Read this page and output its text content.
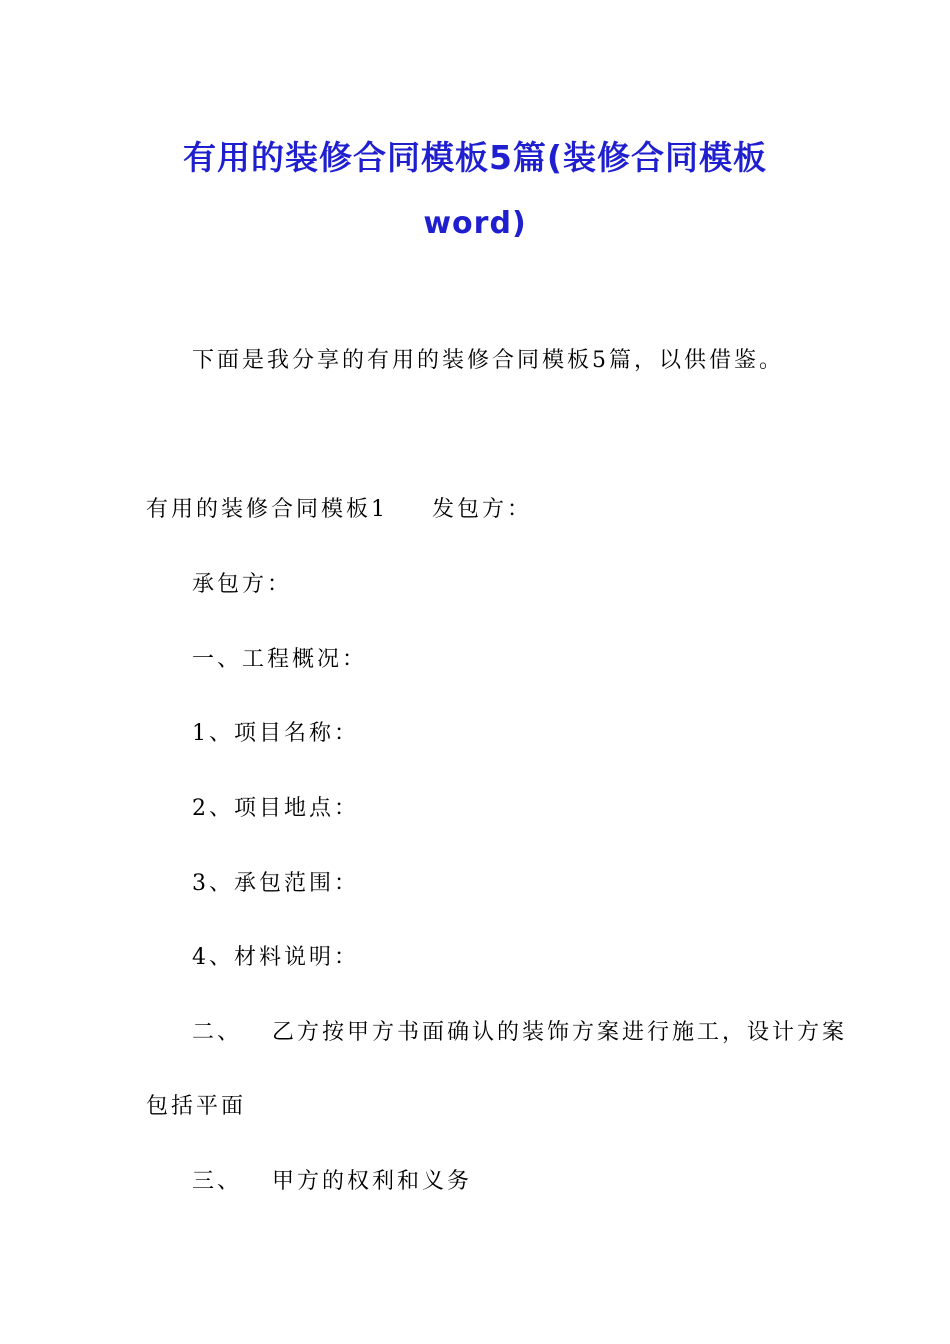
有用的装修合同模板5篇(装修合同模板
word)
下面是我分享的有用的装修合同模板5篇，以供借鉴。
有用的装修合同模板1 发包方：
承包方：
一、工程概况：
1、项目名称：
2、项目地点：
3、承包范围：
4、材料说明：
二、 乙方按甲方书面确认的装饰方案进行施工，设计方案
包括平面
三、 甲方的权利和义务
